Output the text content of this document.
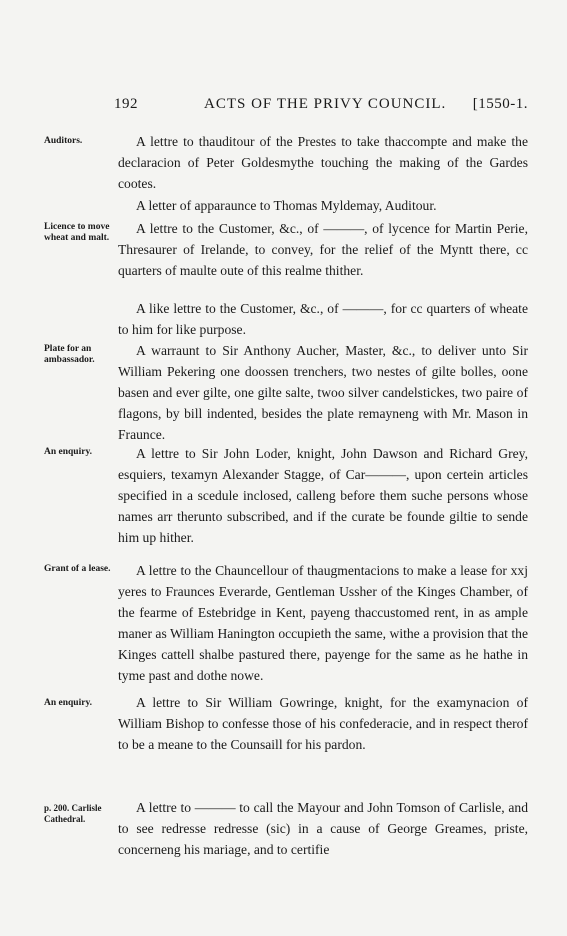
192	ACTS OF THE PRIVY COUNCIL. [1550-1.
Auditors.	A lettre to thauditour of the Prestes to take thaccompte and make the declaracion of Peter Goldesmythe touching the making of the Gardes cootes.

A letter of apparaunce to Thomas Myldemay, Auditour.

Licence to move wheat and malt.

A lettre to the Customer, &c., of ———, of lycence for Martin Perie, Thresaurer of Irelande, to convey, for the relief of the Myntt there, cc quarters of maulte oute of this realme thither.

A like lettre to the Customer, &c., of ———, for cc quarters of wheate to him for like purpose.

Plate for an ambassador.

A warraunt to Sir Anthony Aucher, Master, &c., to deliver unto Sir William Pekering one doossen trenchers, two nestes of gilte bolles, oone basen and ever gilte, one gilte salte, twoo silver candelstickes, two paire of flagons, by bill indented, besides the plate remayneng with Mr. Mason in Fraunce.

An enquiry.	A lettre to Sir John Loder, knight, John Dawson and Richard Grey, esquiers, texamyn Alexander Stagge, of Car———, upon certein articles specified in a scedule inclosed, calleng before them suche persons whose names arr therunto subscribed, and if the curate be founde giltie to sende him up hither.

Grant of a lease.	A lettre to the Chauncellour of thaugmentacions to make a lease for xxj yeres to Fraunces Everarde, Gentleman Ussher of the Kinges Chamber, of the fearme of Estebridge in Kent, payeng thaccustomed rent, in as ample maner as William Hanington occupieth the same, withe a provision that the Kinges cattell shalbe pastured there, payenge for the same as he hathe in tyme past and dothe nowe.

An enquiry.	A lettre to Sir William Gowringe, knight, for the examynacion of William Bishop to confesse those of his confederacie, and in respect therof to be a meane to the Counsaill for his pardon.

p. 200. Carlisle Cathedral.

A lettre to ——— to call the Mayour and John Tomson of Carlisle, and to see redresse redresse (sic) in a cause of George Greames, priste, concerneng his mariage, and to certifie
